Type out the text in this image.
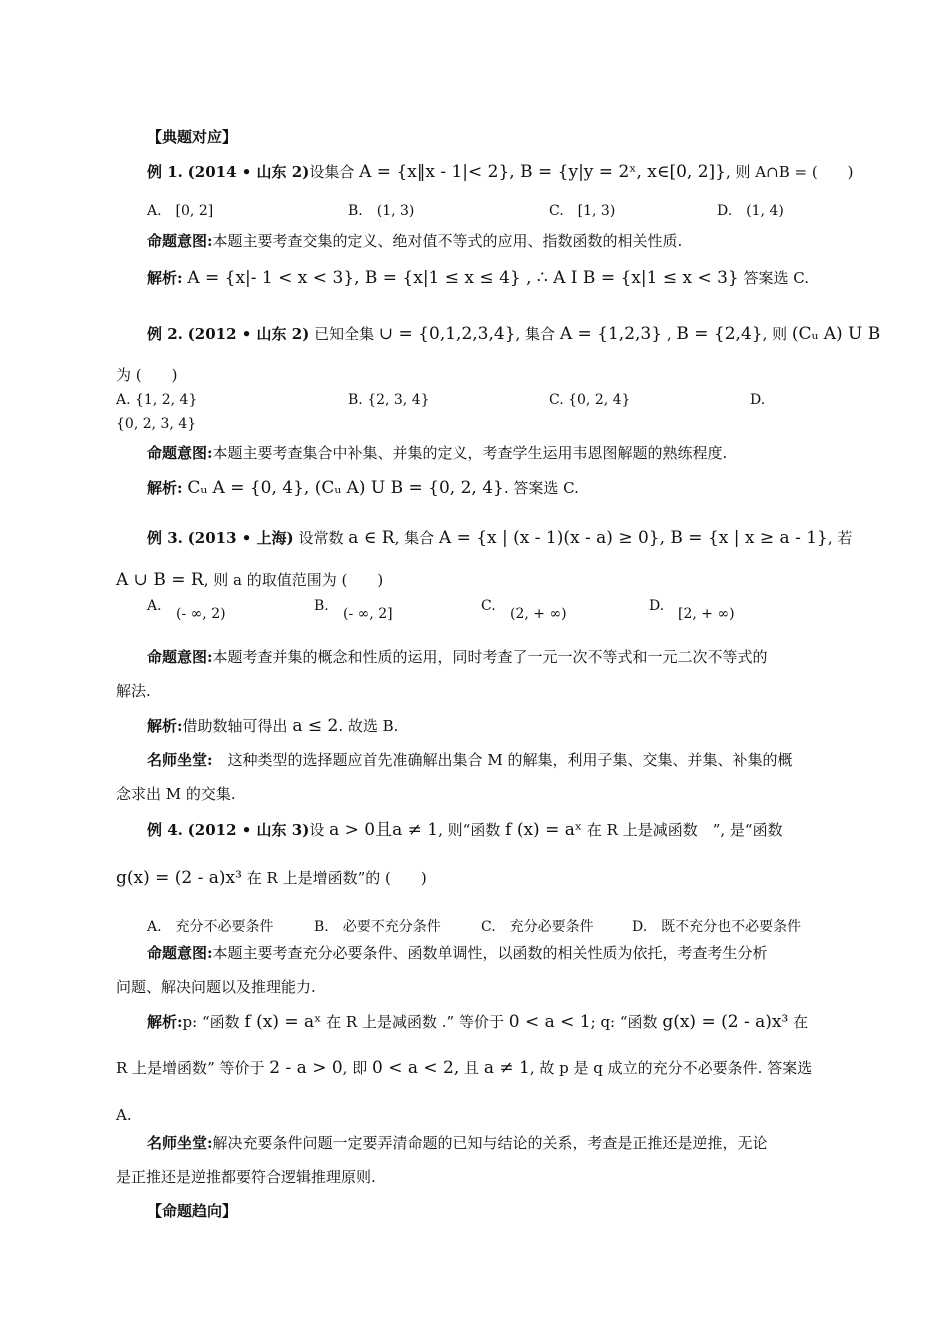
【典题对应】
例 1. (2014 • 山东 2)设集合 A = {x‖x - 1|< 2}, B = {y|y = 2ˣ, x∈[0, 2]}, 则 A∩B = (　　)
A.　[0, 2]	B.　(1, 3)	C.　[1, 3)	D.　(1, 4)
命题意图:本题主要考查交集的定义、绝对值不等式的应用、指数函数的相关性质.
解析: A = {x|- 1 < x < 3}, B = {x|1 ≤ x ≤ 4} , ∴ A I B = {x|1 ≤ x < 3} 答案选 C.
例 2. (2012 • 山东 2) 已知全集 ∪ = {0,1,2,3,4}, 集合 A = {1,2,3} , B = {2,4}, 则 (Cᵤ A) U B
为 (　　)
A. {1, 2, 4}	B. {2, 3, 4}	C. {0, 2, 4}	D.
{0, 2, 3, 4}
命题意图:本题主要考查集合中补集、并集的定义，考查学生运用韦恩图解题的熟练程度.
解析: Cᵤ A = {0, 4}, (Cᵤ A) U B = {0, 2, 4}. 答案选 C.
例 3. (2013 • 上海) 设常数 a ∈ R, 集合 A = {x | (x - 1)(x - a) ≥ 0}, B = {x | x ≥ a - 1}, 若
A ∪ B = R, 则 a 的取值范围为 (　　)
A. (- ∞, 2)	B. (- ∞, 2]	C. (2, + ∞)	D. [2, + ∞)
命题意图:本题考查并集的概念和性质的运用，同时考查了一元一次不等式和一元二次不等式的
解法.
解析:借助数轴可得出 a ≤ 2. 故选 B.
名师坐堂:　这种类型的选择题应首先准确解出集合 M 的解集，利用子集、交集、并集、补集的概
念求出 M 的交集.
例 4. (2012 • 山东 3)设 a > 0且a ≠ 1, 则“函数 f (x) = aˣ 在 R 上是减函数　”, 是“函数
g(x) = (2 - a)x³ 在 R 上是增函数”的 (　　)
A.　充分不必要条件	B.　必要不充分条件	C.　充分必要条件	D.　既不充分也不必要条件
命题意图:本题主要考查充分必要条件、函数单调性，以函数的相关性质为依托，考查考生分析
问题、解决问题以及推理能力.
解析:p: “函数 f (x) = aˣ 在 R 上是减函数 .” 等价于 0 < a < 1; q: “函数 g(x) = (2 - a)x³ 在
R 上是增函数” 等价于 2 - a > 0, 即 0 < a < 2, 且 a ≠ 1, 故 p 是 q 成立的充分不必要条件. 答案选
A.
名师坐堂:解决充要条件问题一定要弄清命题的已知与结论的关系，考查是正推还是逆推，无论
是正推还是逆推都要符合逻辑推理原则.
【命题趋向】
